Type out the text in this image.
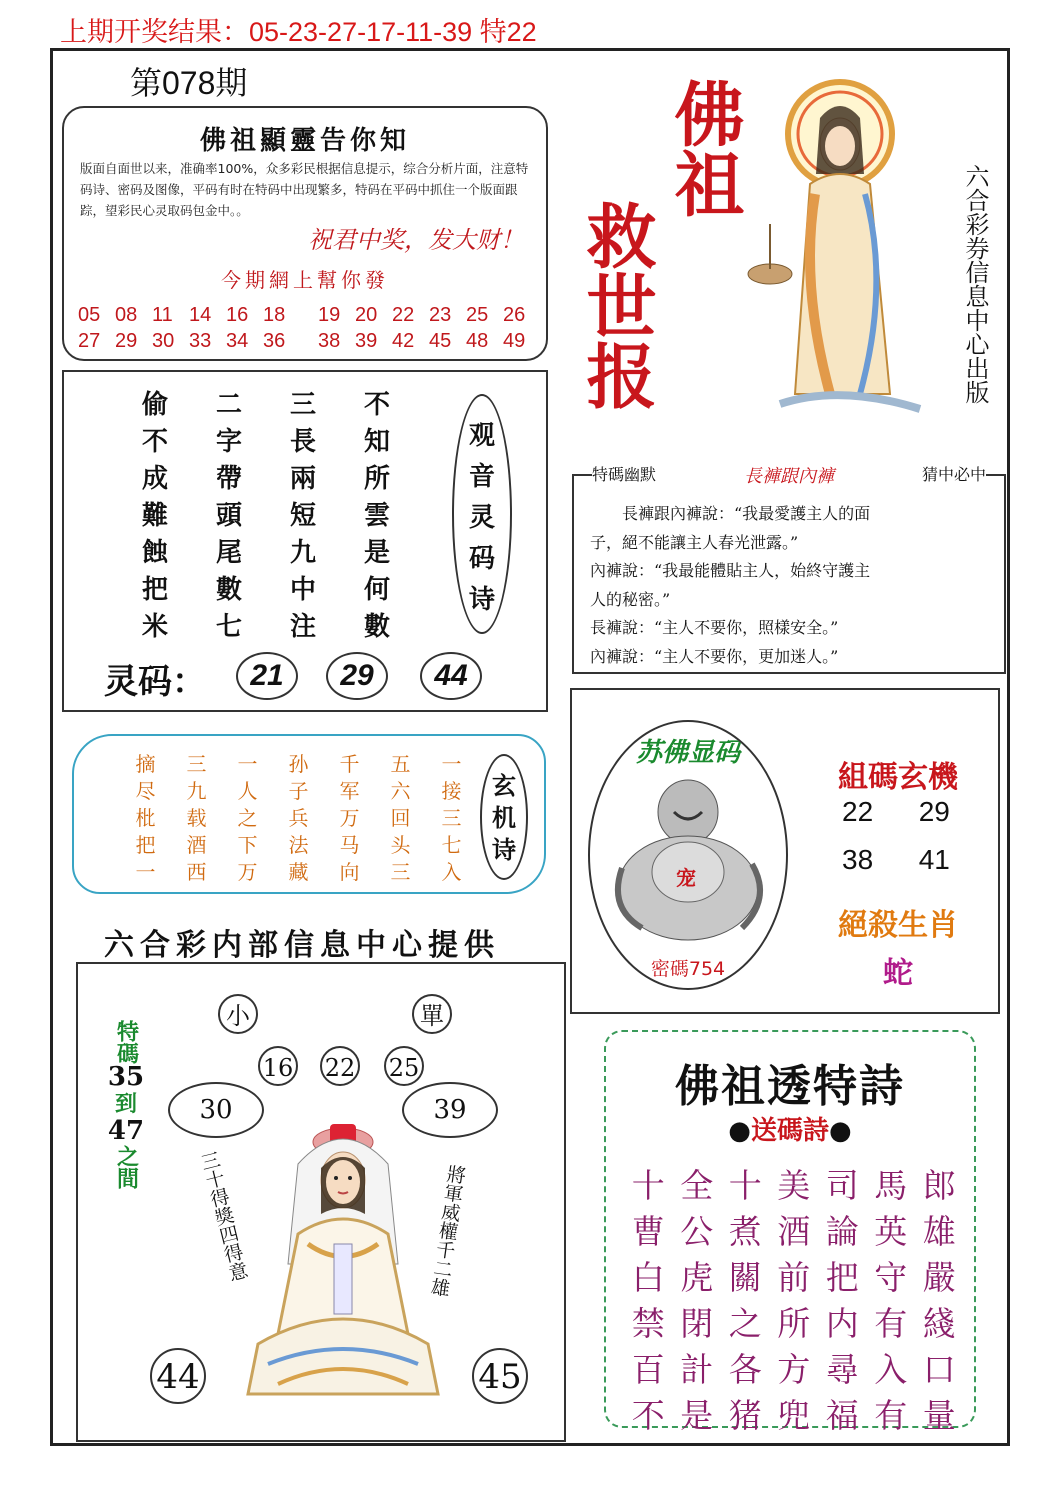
上期开奖结果：05-23-27-17-11-39 特22
第078期
佛祖顯靈告你知
版面自面世以来，准确率100%，众多彩民根据信息提示，综合分析片面，注意特码诗、密码及图像，平码有时在特码中出现繁多，特码在平码中抓住一个版面跟踪，望彩民心灵取码包金中。。
祝君中奖，发大财！
今期網上幫你發
05 08 11 14 16 18	19 20 22 23 25 26
27 29 30 33 34 36	38 39 42 45 48 49
偷	二	三	不
不	字	長	知
成	帶	兩	所
難	頭	短	雲
蝕	尾	九	是
把	數	中	何
米	七	注	數
观
音
灵
码
诗
灵码：	21	29	44
摘	三	一	孙	千	五	一
尽	九	人	子	军	六	接
枇	载	之	兵	万	回	三
把	酒	下	法	马	头	七
一	西	万	藏	向	三	入
玄
机
诗
六合彩内部信息中心提供
小	單
16 22 25
30	39
特碼
35
到
47
之間	三十得獎四得意	將軍威權千二雄
44	45
佛祖
救世报	六合彩券信息中心出版
特碼幽默	長褲跟內褲	猜中必中
長褲跟內褲說：“我最愛護主人的面
子，絕不能讓主人春光泄露。”
內褲說：“我最能體貼主人，始終守護主
人的秘密。”
長褲說：“主人不要你，照樣安全。”
內褲說：“主人不要你，更加迷人。”
苏佛显码
宠
密碼754
組碼玄機
22 29
38 41
絕殺生肖
蛇
佛祖透特詩
●送碼詩●
十 全 十 美 司 馬 郎
曹 公 煮 酒 論 英 雄
白 虎 關 前 把 守 嚴
禁 閉 之 所 内 有 綫
百 計 各 方 尋 入 口
不 是 猪 兜 福 有 量
